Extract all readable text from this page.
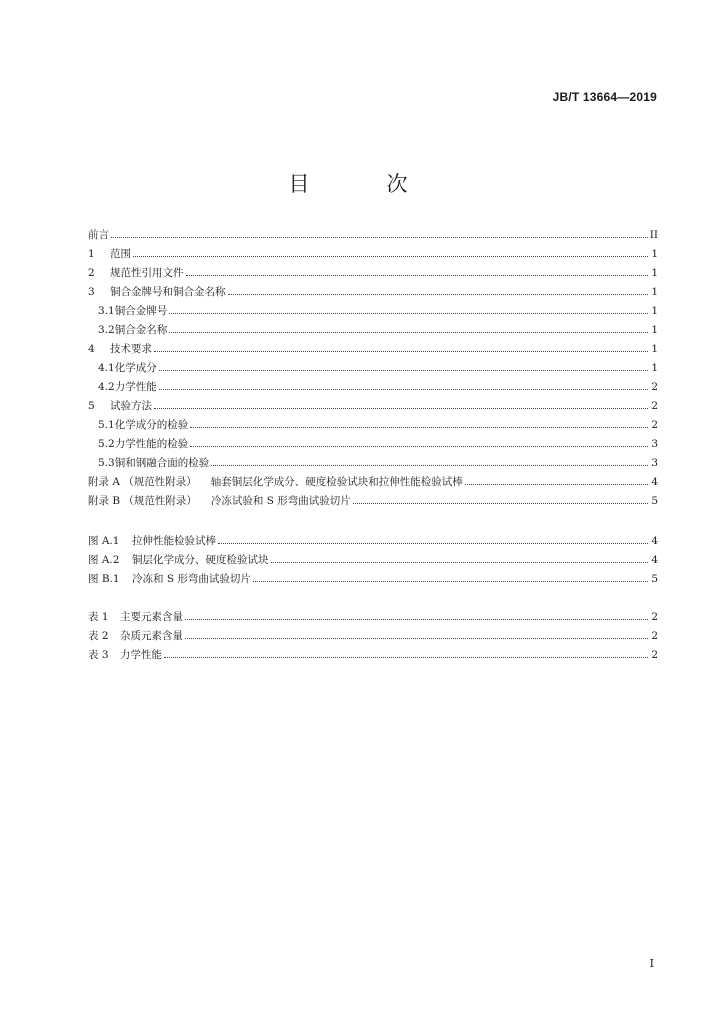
JB/T 13664—2019
目　次
前言	II
1	范围	1
2	规范性引用文件	1
3	铜合金牌号和铜合金名称	1
3.1 铜合金牌号	1
3.2 铜合金名称	1
4	技术要求	1
4.1 化学成分	1
4.2 力学性能	2
5	试验方法	2
5.1 化学成分的检验	2
5.2 力学性能的检验	3
5.3 铜和钢融合面的检验	3
附录 A （规范性附录） 轴套铜层化学成分、硬度检验试块和拉伸性能检验试棒	4
附录 B （规范性附录） 冷冻试验和 S 形弯曲试验切片	5
图 A.1	拉伸性能检验试棒	4
图 A.2	铜层化学成分、硬度检验试块	4
图 B.1	冷冻和 S 形弯曲试验切片	5
表 1	主要元素含量	2
表 2	杂质元素含量	2
表 3	力学性能	2
I
